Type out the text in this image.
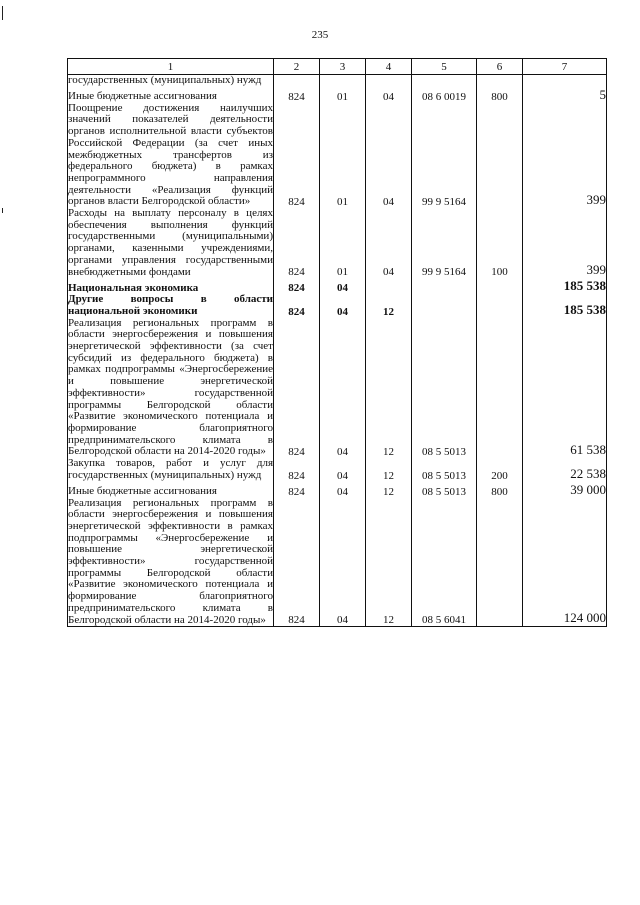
235
1	2	3	4	5	6	7
государственных (муниципальных) нужд						
Иные бюджетные ассигнования	824	01	04	08 6 0019	800	5
Поощрение достижения наилучших значений показателей деятельности органов исполнительной власти субъектов Российской Федерации (за счет иных межбюджетных трансфертов из федерального бюджета) в рамках непрограммного направления деятельности «Реализация функций органов власти Белгородской области»	824	01	04	99 9 5164		399
Расходы на выплату персоналу в целях обеспечения выполнения функций государственными (муниципальными) органами, казенными учреждениями, органами управления государственными внебюджетными фондами	824	01	04	99 9 5164	100	399
Национальная экономика	824	04				185 538
Другие вопросы в области национальной экономики	824	04	12			185 538
Реализация региональных программ в области энергосбережения и повышения энергетической эффективности (за счет субсидий из федерального бюджета) в рамках подпрограммы «Энергосбережение и повышение энергетической эффективности» государственной программы Белгородской области «Развитие экономического потенциала и формирование благоприятного предпринимательского климата в Белгородской области на 2014-2020 годы»	824	04	12	08 5 5013		61 538
Закупка товаров, работ и услуг для государственных (муниципальных) нужд	824	04	12	08 5 5013	200	22 538
Иные бюджетные ассигнования	824	04	12	08 5 5013	800	39 000
Реализация региональных программ в области энергосбережения и повышения энергетической эффективности в рамках подпрограммы «Энергосбережение и повышение энергетической эффективности» государственной программы Белгородской области «Развитие экономического потенциала и формирование благоприятного предпринимательского климата в Белгородской области на 2014-2020 годы»	824	04	12	08 5 6041		124 000
